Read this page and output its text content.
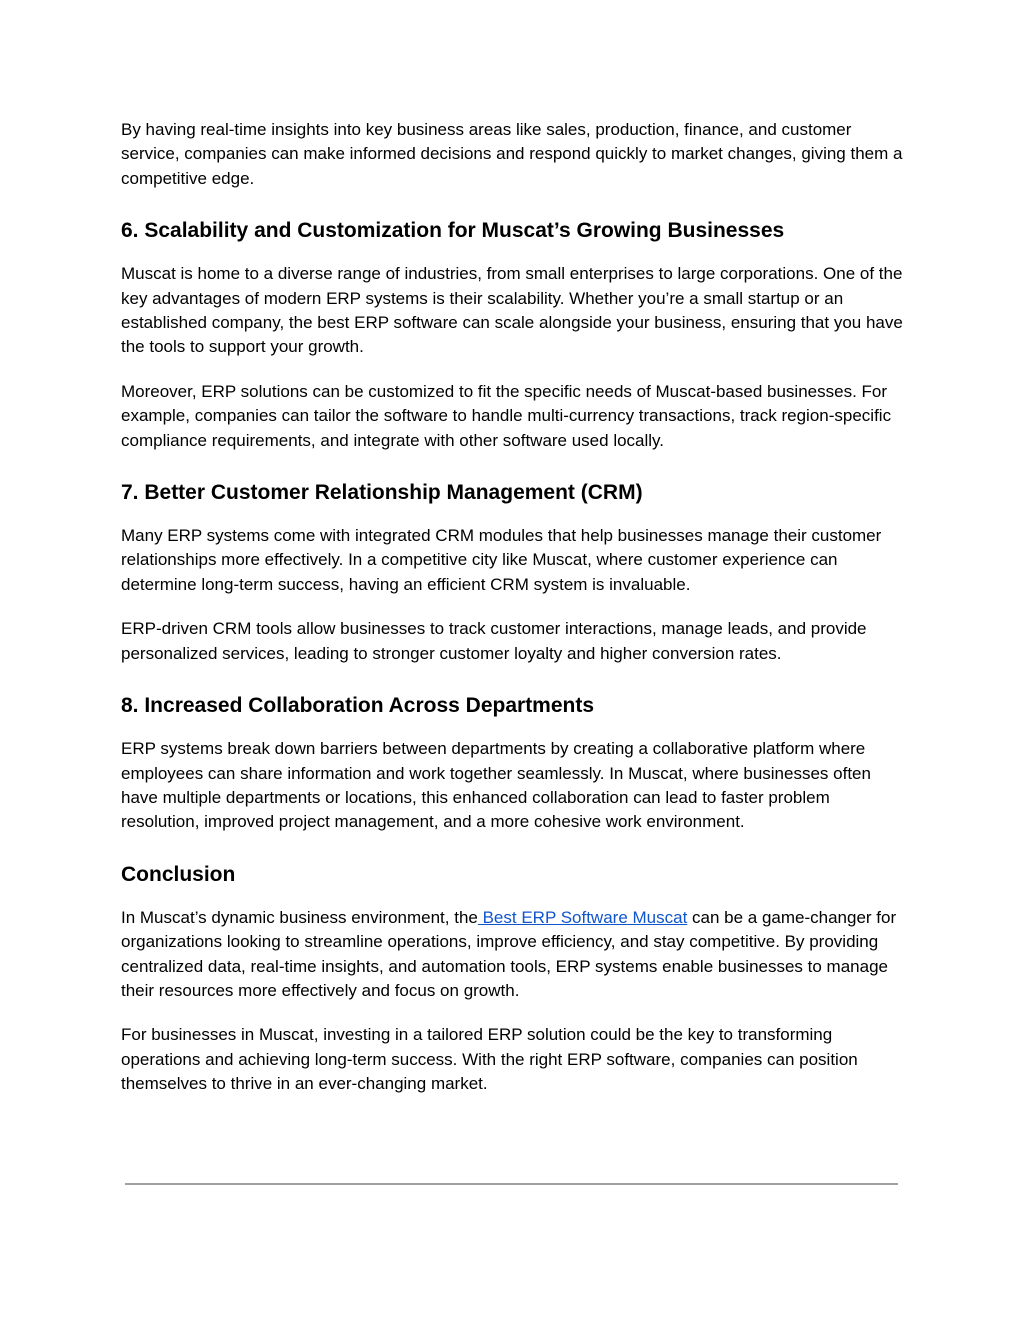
By having real-time insights into key business areas like sales, production, finance, and customer service, companies can make informed decisions and respond quickly to market changes, giving them a competitive edge.

6. Scalability and Customization for Muscat’s Growing Businesses

Muscat is home to a diverse range of industries, from small enterprises to large corporations. One of the key advantages of modern ERP systems is their scalability. Whether you’re a small startup or an established company, the best ERP software can scale alongside your business, ensuring that you have the tools to support your growth.

Moreover, ERP solutions can be customized to fit the specific needs of Muscat-based businesses. For example, companies can tailor the software to handle multi-currency transactions, track region-specific compliance requirements, and integrate with other software used locally.

7. Better Customer Relationship Management (CRM)

Many ERP systems come with integrated CRM modules that help businesses manage their customer relationships more effectively. In a competitive city like Muscat, where customer experience can determine long-term success, having an efficient CRM system is invaluable.

ERP-driven CRM tools allow businesses to track customer interactions, manage leads, and provide personalized services, leading to stronger customer loyalty and higher conversion rates.

8. Increased Collaboration Across Departments

ERP systems break down barriers between departments by creating a collaborative platform where employees can share information and work together seamlessly. In Muscat, where businesses often have multiple departments or locations, this enhanced collaboration can lead to faster problem resolution, improved project management, and a more cohesive work environment.

Conclusion

In Muscat’s dynamic business environment, the Best ERP Software Muscat can be a game-changer for organizations looking to streamline operations, improve efficiency, and stay competitive. By providing centralized data, real-time insights, and automation tools, ERP systems enable businesses to manage their resources more effectively and focus on growth.

For businesses in Muscat, investing in a tailored ERP solution could be the key to transforming operations and achieving long-term success. With the right ERP software, companies can position themselves to thrive in an ever-changing market.
